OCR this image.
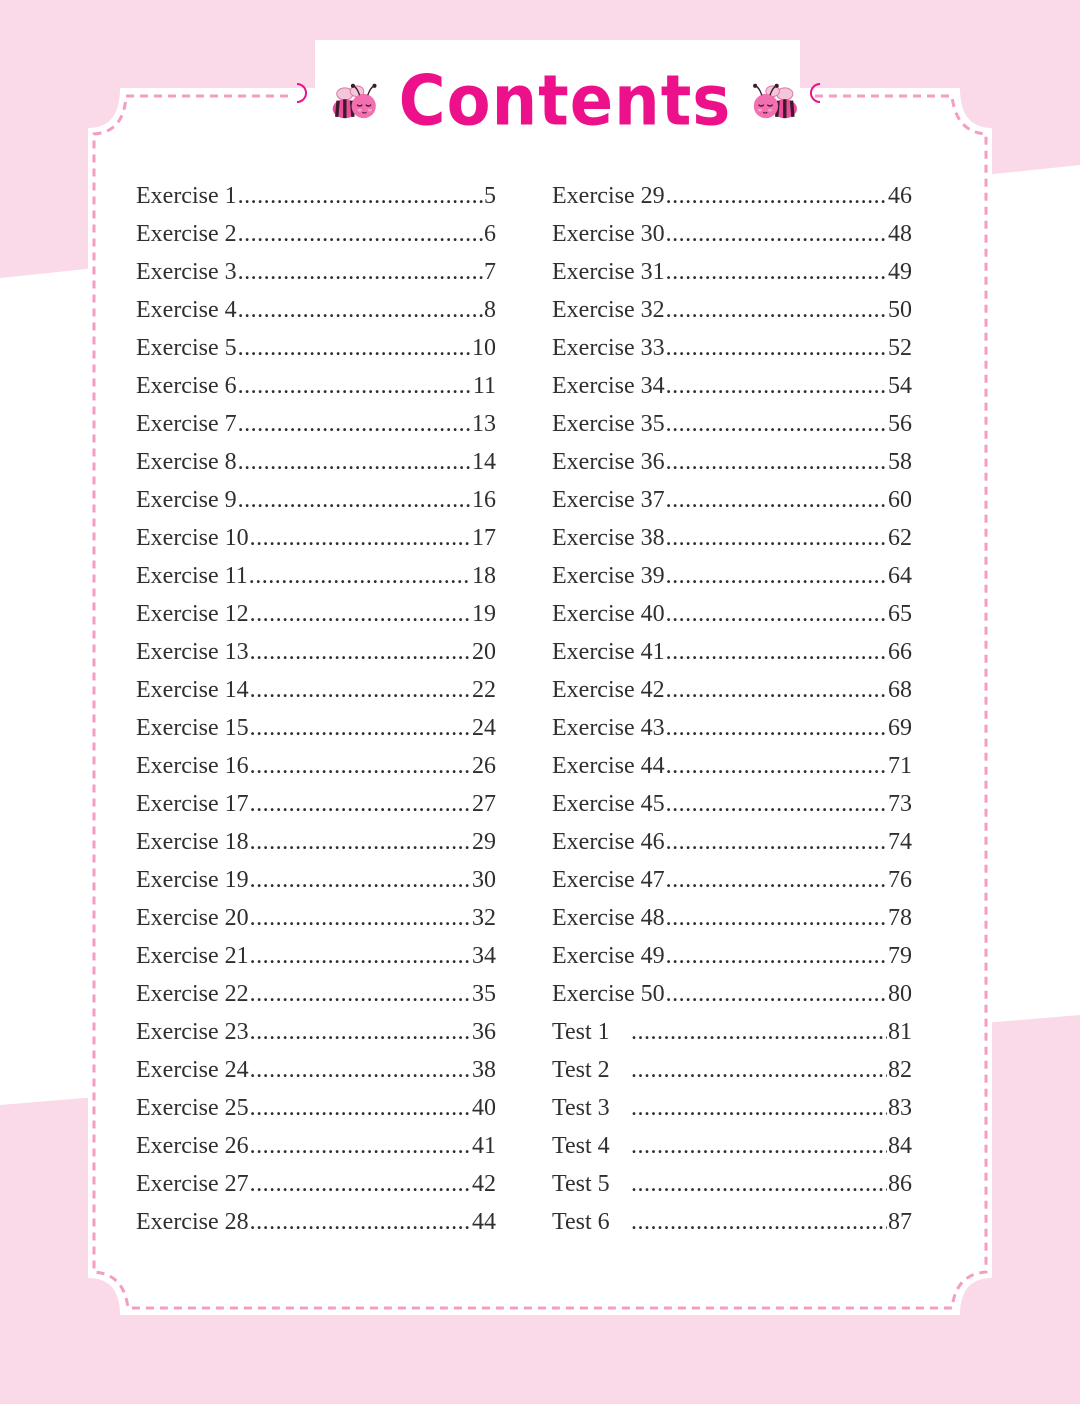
Contents
Exercise 1 .....	5
Exercise 2 .....	6
Exercise 3 .....	7
Exercise 4 .....	8
Exercise 5 .....	10
Exercise 6 .....	11
Exercise 7 .....	13
Exercise 8 .....	14
Exercise 9 .....	16
Exercise 10 .....	17
Exercise 11 .....	18
Exercise 12 .....	19
Exercise 13 .....	20
Exercise 14 .....	22
Exercise 15 .....	24
Exercise 16 .....	26
Exercise 17 .....	27
Exercise 18 .....	29
Exercise 19 .....	30
Exercise 20 .....	32
Exercise 21 .....	34
Exercise 22 .....	35
Exercise 23 .....	36
Exercise 24 .....	38
Exercise 25 .....	40
Exercise 26 .....	41
Exercise 27 .....	42
Exercise 28 .....	44
Exercise 29 .....	46
Exercise 30 .....	48
Exercise 31 .....	49
Exercise 32 .....	50
Exercise 33 .....	52
Exercise 34 .....	54
Exercise 35 .....	56
Exercise 36 .....	58
Exercise 37 .....	60
Exercise 38 .....	62
Exercise 39 .....	64
Exercise 40 .....	65
Exercise 41 .....	66
Exercise 42 .....	68
Exercise 43 .....	69
Exercise 44 .....	71
Exercise 45 .....	73
Exercise 46 .....	74
Exercise 47 .....	76
Exercise 48 .....	78
Exercise 49 .....	79
Exercise 50 .....	80
Test 1 .....	81
Test 2 .....	82
Test 3 .....	83
Test 4 .....	84
Test 5 .....	86
Test 6 .....	87
